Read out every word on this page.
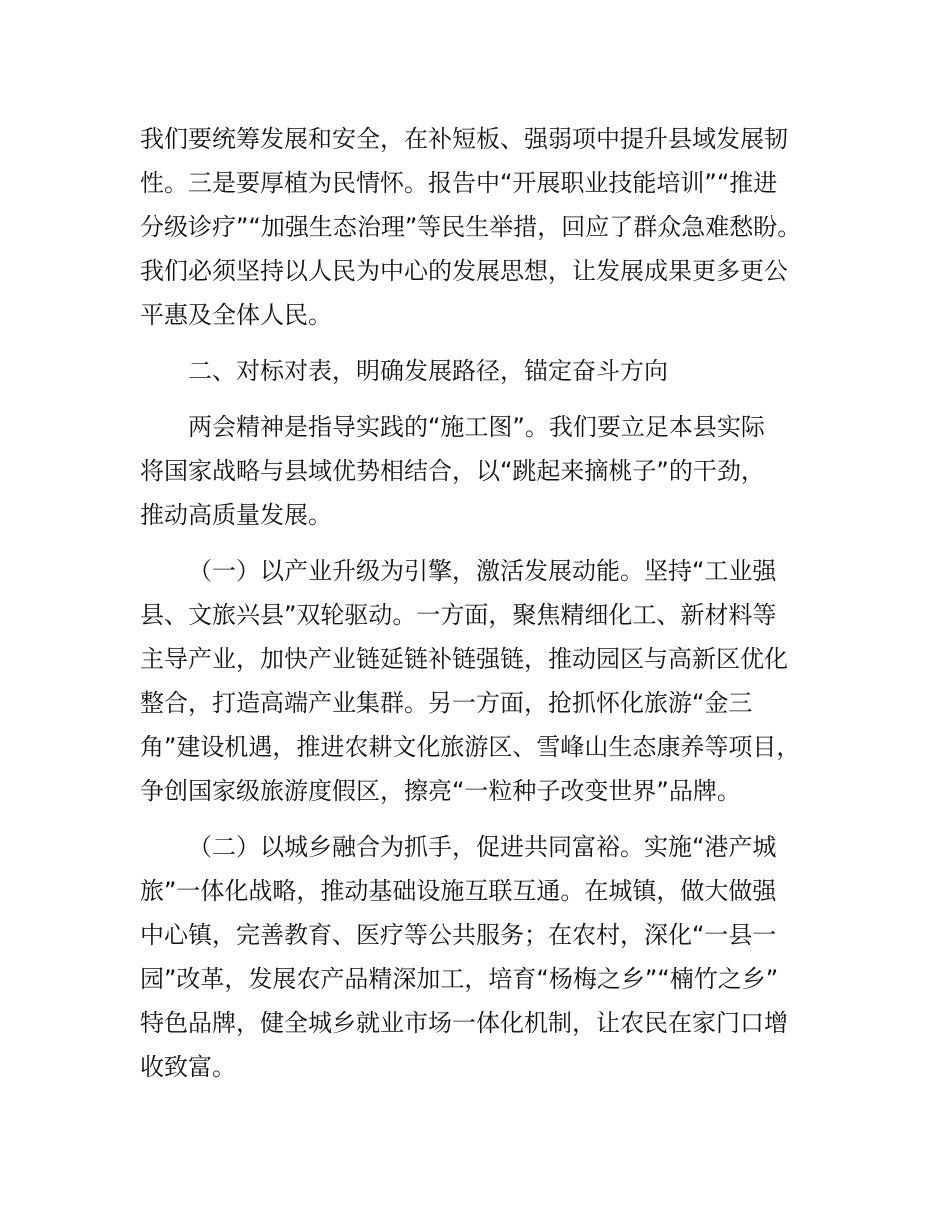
我们要统筹发展和安全，在补短板、强弱项中提升县域发展韧
性。三是要厚植为民情怀。报告中“开展职业技能培训”“推进
分级诊疗”“加强生态治理”等民生举措，回应了群众急难愁盼。
我们必须坚持以人民为中心的发展思想，让发展成果更多更公
平惠及全体人民。
二、对标对表，明确发展路径，锚定奋斗方向
两会精神是指导实践的“施工图”。我们要立足本县实际
将国家战略与县域优势相结合，以“跳起来摘桃子”的干劲，
推动高质量发展。
（一）以产业升级为引擎，激活发展动能。坚持“工业强
县、文旅兴县”双轮驱动。一方面，聚焦精细化工、新材料等
主导产业，加快产业链延链补链强链，推动园区与高新区优化
整合，打造高端产业集群。另一方面，抢抓怀化旅游“金三
角”建设机遇，推进农耕文化旅游区、雪峰山生态康养等项目，
争创国家级旅游度假区，擦亮“一粒种子改变世界”品牌。
（二）以城乡融合为抓手，促进共同富裕。实施“港产城
旅”一体化战略，推动基础设施互联互通。在城镇，做大做强
中心镇，完善教育、医疗等公共服务；在农村，深化“一县一
园”改革，发展农产品精深加工，培育“杨梅之乡”“楠竹之乡”
特色品牌，健全城乡就业市场一体化机制，让农民在家门口增
收致富。
